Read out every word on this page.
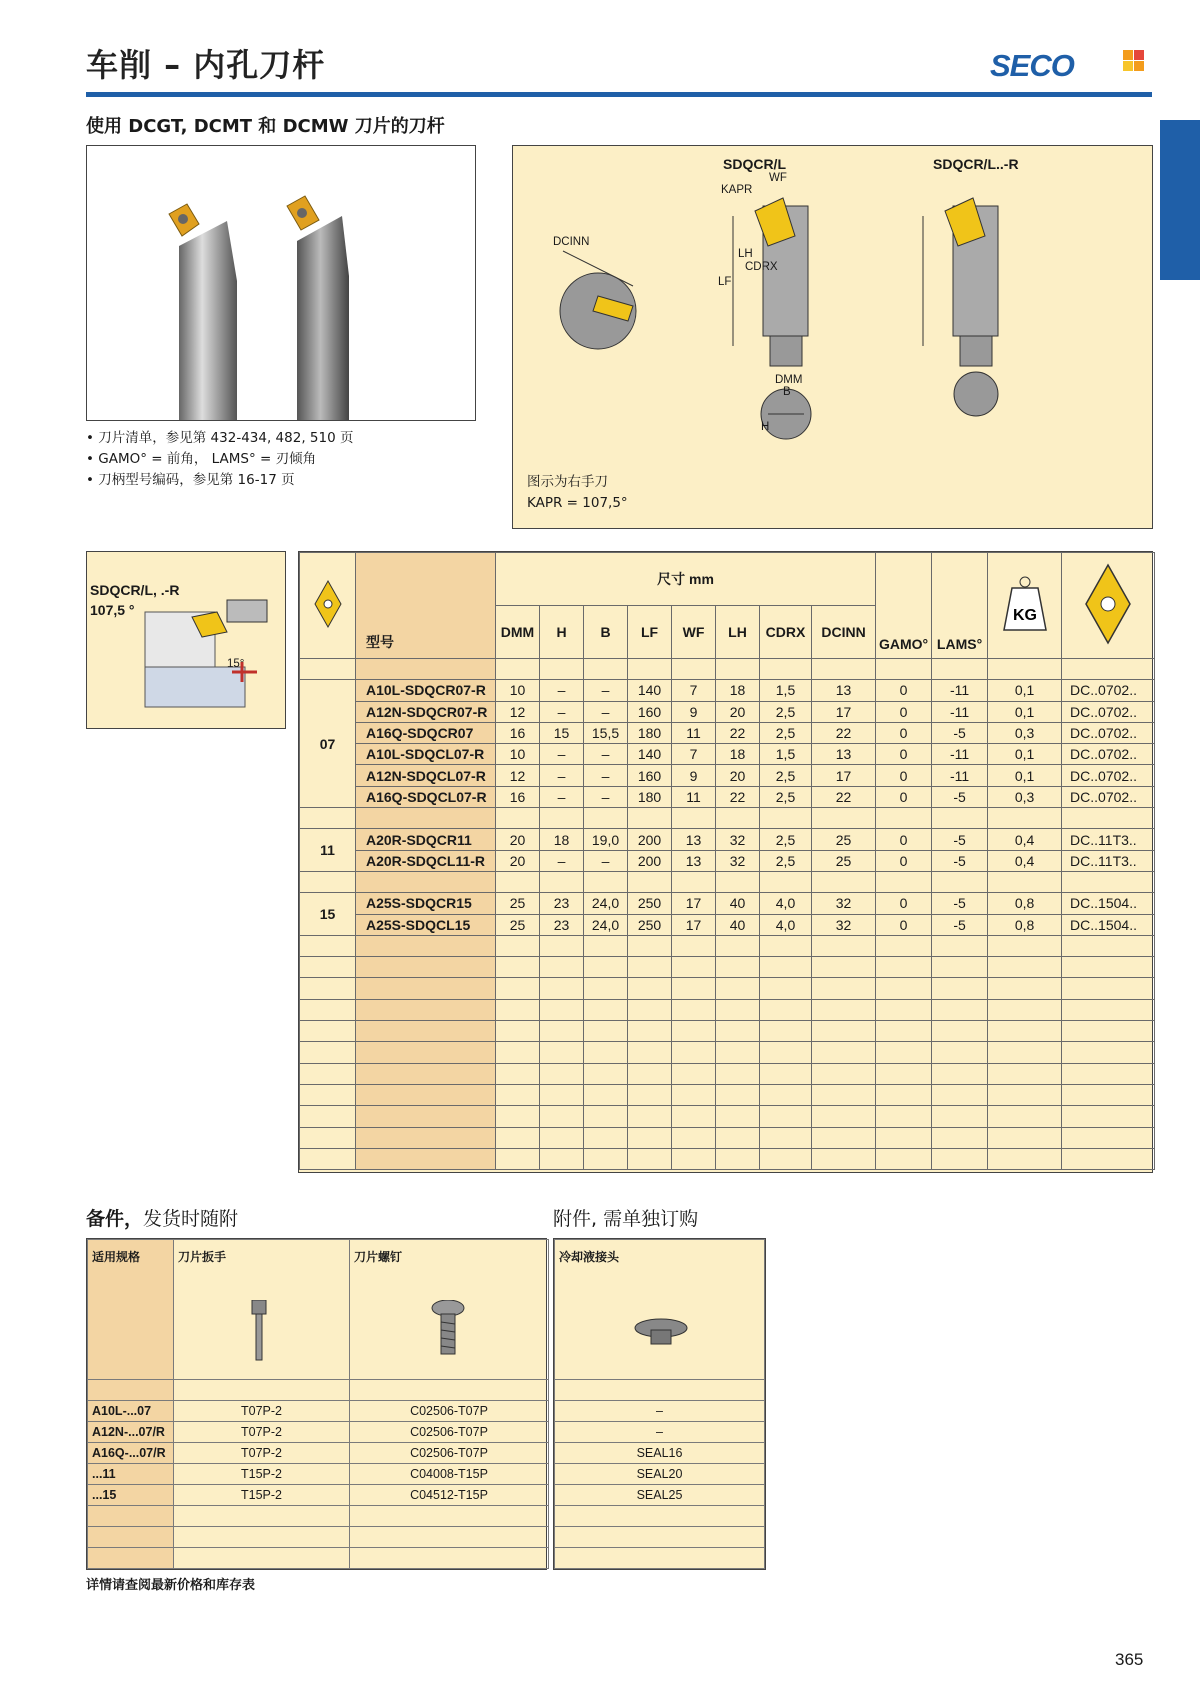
车削 – 内孔刀杆	SECO
使用 DCGT, DCMT 和 DCMW 刀片的刀杆
• 刀片清单，参见第 432-434, 482, 510 页
• GAMO° = 前角， LAMS° = 刃倾角
• 刀柄型号编码，参见第 16-17 页
SDQCR/L	SDQCR/L..-R
WF
KAPR
LH
CDRX
LF
DCINN
DMM
B
H
图示为右手刀
KAPR = 107,5°
SDQCR/L, .-R
107,5 °
15°
	型号	尺寸 mm								GAMO°	LAMS°	KG

		DMM	H	B	LF	WF	LH	CDRX	DCINN				

07	A10L-SDQCR07-R	10	–	–	140	7	18	1,5	13	0	-11	0,1	DC..0702..
	A12N-SDQCR07-R	12	–	–	160	9	20	2,5	17	0	-11	0,1	DC..0702..
	A16Q-SDQCR07	16	15	15,5	180	11	22	2,5	22	0	-5	0,3	DC..0702..
	A10L-SDQCL07-R	10	–	–	140	7	18	1,5	13	0	-11	0,1	DC..0702..
	A12N-SDQCL07-R	12	–	–	160	9	20	2,5	17	0	-11	0,1	DC..0702..
	A16Q-SDQCL07-R	16	–	–	180	11	22	2,5	22	0	-5	0,3	DC..0702..

11	A20R-SDQCR11	20	18	19,0	200	13	32	2,5	25	0	-5	0,4	DC..11T3..
	A20R-SDQCL11-R	20	–	–	200	13	32	2,5	25	0	-5	0,4	DC..11T3..

15	A25S-SDQCR15	25	23	24,0	250	17	40	4,0	32	0	-5	0,8	DC..1504..
	A25S-SDQCL15	25	23	24,0	250	17	40	4,0	32	0	-5	0,8	DC..1504..

备件，发货时随附	附件, 需单独订购
适用规格	刀片扳手	刀片螺钉

A10L-...07	T07P-2	C02506-T07P
A12N-...07/R	T07P-2	C02506-T07P
A16Q-...07/R	T07P-2	C02506-T07P
...11	T15P-2	C04008-T15P
...15	T15P-2	C04512-T15P

冷却液接头

–
–
SEAL16
SEAL20
SEAL25

详情请查阅最新价格和库存表
365
